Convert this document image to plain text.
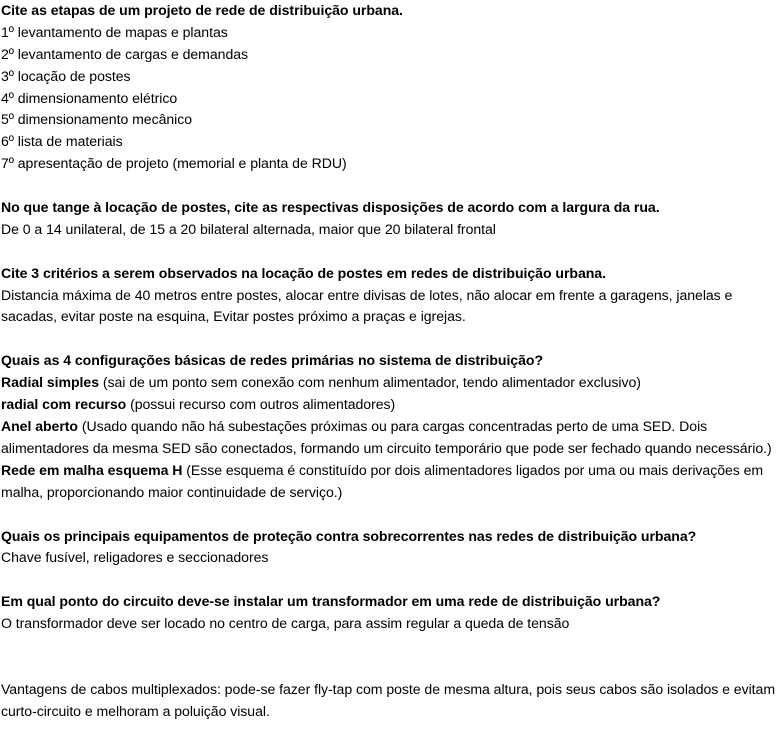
Cite as etapas de um projeto de rede de distribuição urbana.
1º levantamento de mapas e plantas
2º levantamento de cargas e demandas
3º locação de postes
4º dimensionamento elétrico
5º dimensionamento mecânico
6º lista de materiais
7º apresentação de projeto (memorial e planta de RDU)
No que tange à locação de postes, cite as respectivas disposições de acordo com a largura da rua.
De 0 a 14 unilateral, de 15 a 20 bilateral alternada, maior que 20 bilateral frontal
Cite 3 critérios a serem observados na locação de postes em redes de distribuição urbana.
Distancia máxima de 40 metros entre postes, alocar entre divisas de lotes, não alocar em frente a garagens, janelas e sacadas, evitar poste na esquina, Evitar postes próximo a praças e igrejas.
Quais as 4 configurações básicas de redes primárias no sistema de distribuição?
Radial simples (sai de um ponto sem conexão com nenhum alimentador, tendo alimentador exclusivo)
radial com recurso (possui recurso com outros alimentadores)
Anel aberto (Usado quando não há subestações próximas ou para cargas concentradas perto de uma SED. Dois alimentadores da mesma SED são conectados, formando um circuito temporário que pode ser fechado quando necessário.)
Rede em malha esquema H (Esse esquema é constituído por dois alimentadores ligados por uma ou mais derivações em malha, proporcionando maior continuidade de serviço.)
Quais os principais equipamentos de proteção contra sobrecorrentes nas redes de distribuição urbana?
Chave fusível, religadores e seccionadores
Em qual ponto do circuito deve-se instalar um transformador em uma rede de distribuição urbana?
O transformador deve ser locado no centro de carga, para assim regular a queda de tensão
Vantagens de cabos multiplexados: pode-se fazer fly-tap com poste de mesma altura, pois seus cabos são isolados e evitam curto-circuito e melhoram a poluição visual.
